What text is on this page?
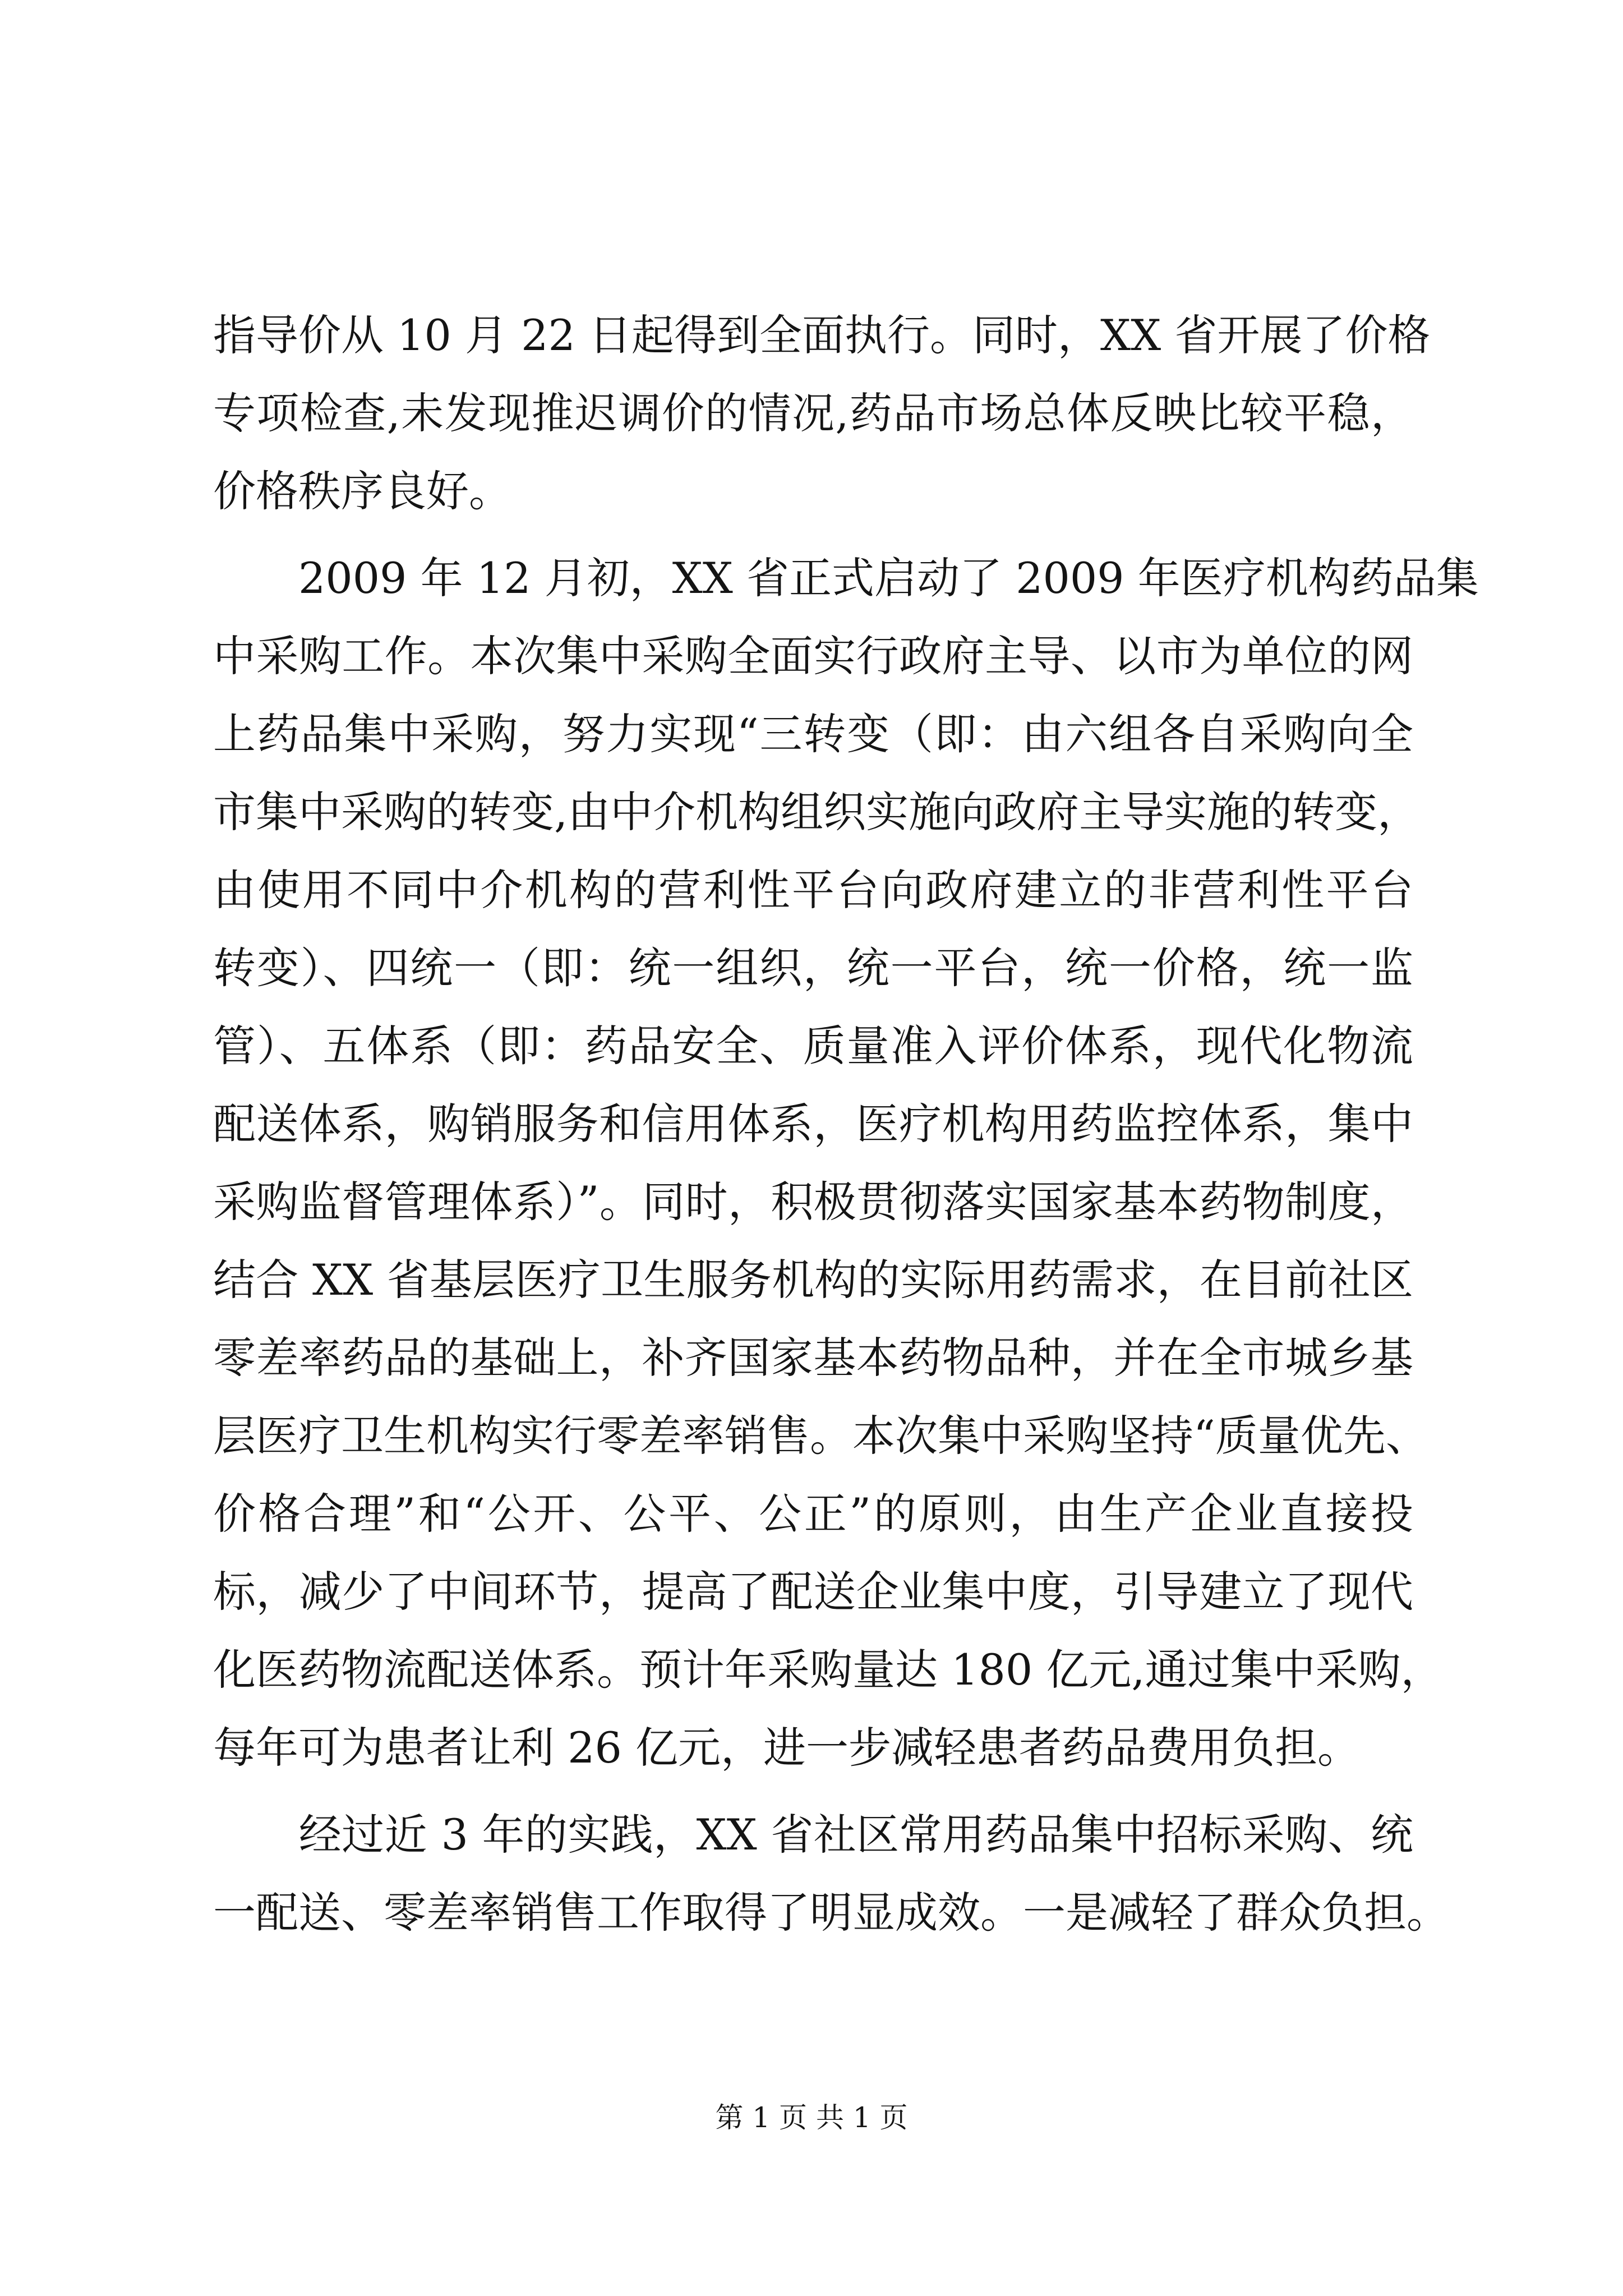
指导价从 10 月 22 日起得到全面执行。同时，XX 省开展了价格
专项检查,未发现推迟调价的情况,药品市场总体反映比较平稳，
价格秩序良好。
　　2009 年 12 月初，XX 省正式启动了 2009 年医疗机构药品集
中采购工作。本次集中采购全面实行政府主导、以市为单位的网
上药品集中采购，努力实现“三转变（即：由六组各自采购向全
市集中采购的转变,由中介机构组织实施向政府主导实施的转变，
由使用不同中介机构的营利性平台向政府建立的非营利性平台
转变）、四统一（即：统一组织，统一平台，统一价格，统一监
管）、五体系（即：药品安全、质量准入评价体系，现代化物流
配送体系，购销服务和信用体系，医疗机构用药监控体系，集中
采购监督管理体系）”。同时，积极贯彻落实国家基本药物制度，
结合 XX 省基层医疗卫生服务机构的实际用药需求，在目前社区
零差率药品的基础上，补齐国家基本药物品种，并在全市城乡基
层医疗卫生机构实行零差率销售。本次集中采购坚持“质量优先、
价格合理”和“公开、公平、公正”的原则，由生产企业直接投
标，减少了中间环节，提高了配送企业集中度，引导建立了现代
化医药物流配送体系。预计年采购量达 180 亿元,通过集中采购，
每年可为患者让利 26 亿元，进一步减轻患者药品费用负担。
　　经过近 3 年的实践，XX 省社区常用药品集中招标采购、统
一配送、零差率销售工作取得了明显成效。一是减轻了群众负担。
第 1 页 共 1 页
